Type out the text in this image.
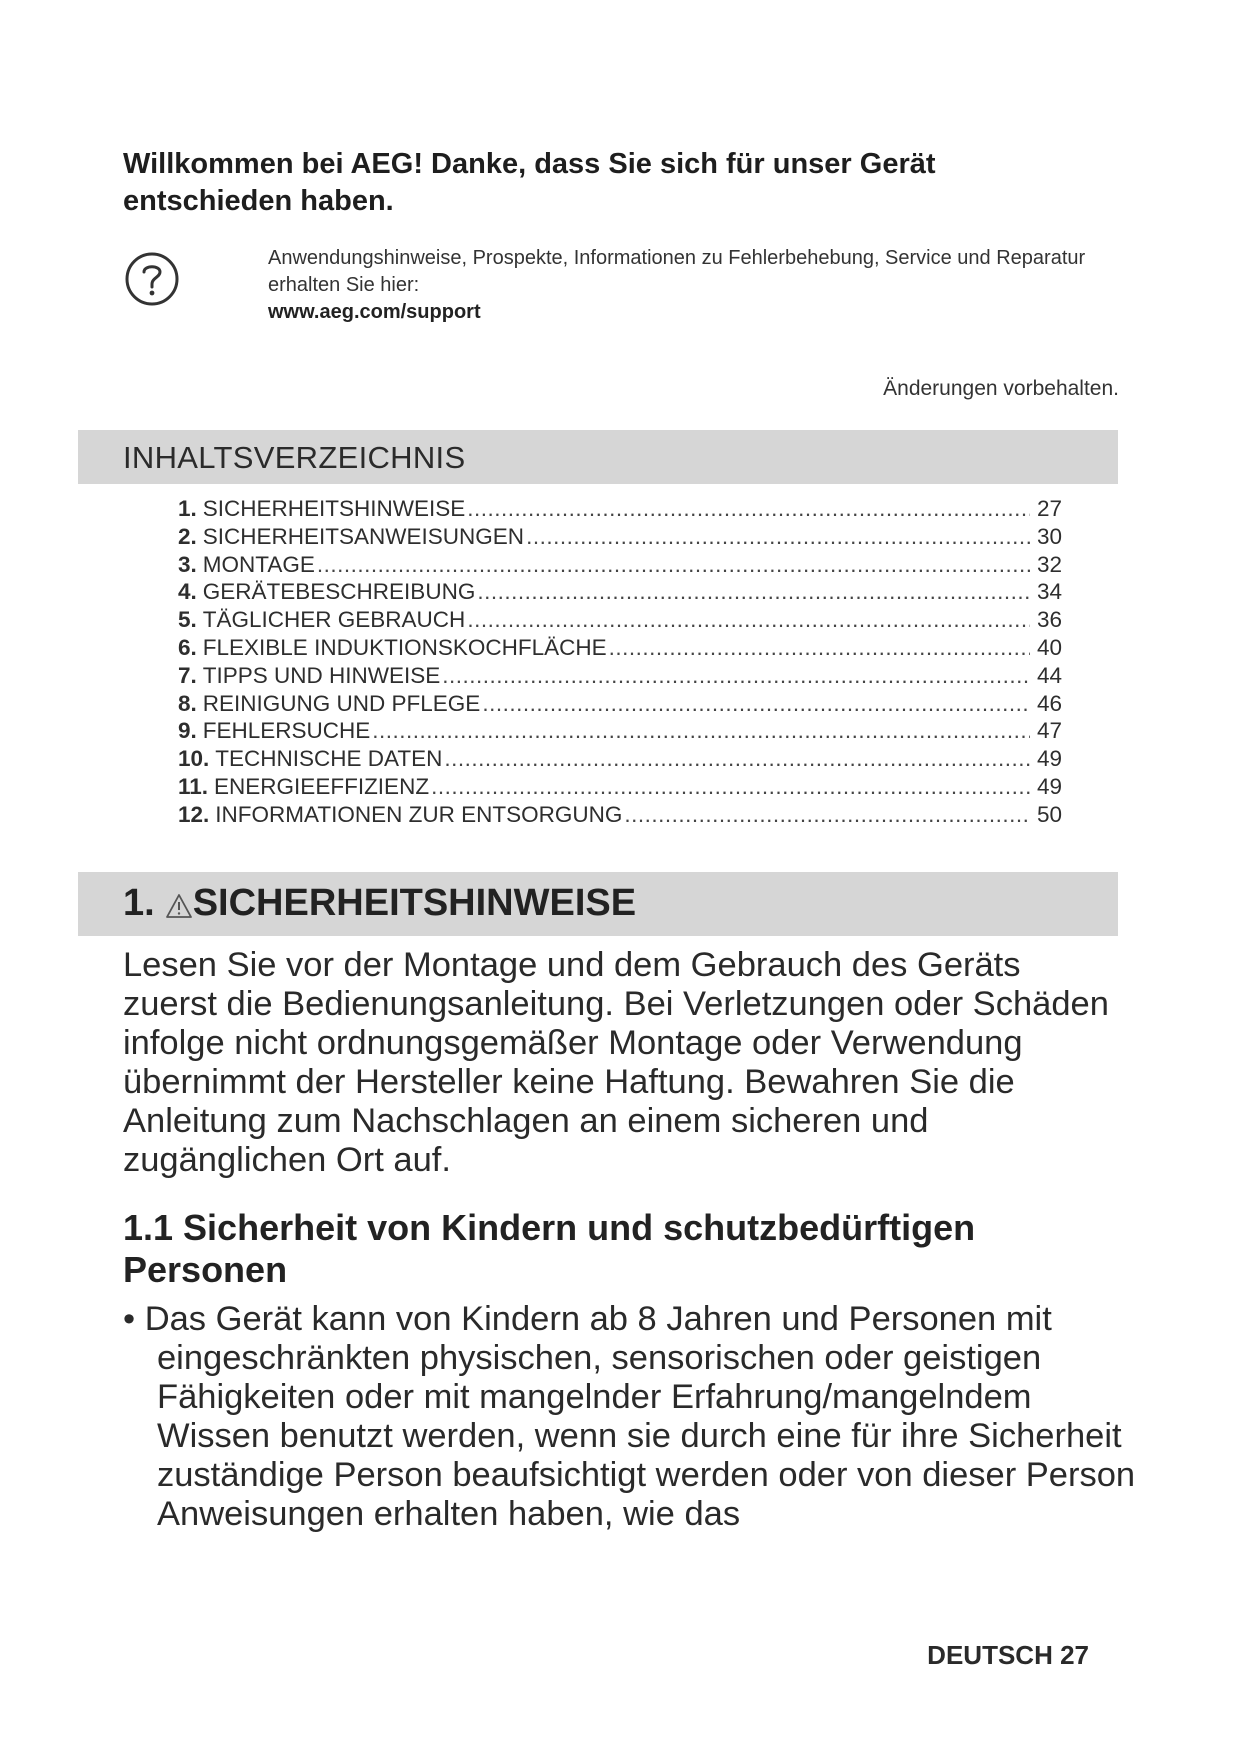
Willkommen bei AEG! Danke, dass Sie sich für unser Gerät entschieden haben.
Anwendungshinweise, Prospekte, Informationen zu Fehlerbehebung, Service und Reparatur erhalten Sie hier:
www.aeg.com/support
Änderungen vorbehalten.
INHALTSVERZEICHNIS
1. SICHERHEITSHINWEISE .....	27
2. SICHERHEITSANWEISUNGEN .....	30
3. MONTAGE .....	32
4. GERÄTEBESCHREIBUNG .....	34
5. TÄGLICHER GEBRAUCH .....	36
6. FLEXIBLE INDUKTIONSKOCHFLÄCHE .....	40
7. TIPPS UND HINWEISE .....	44
8. REINIGUNG UND PFLEGE .....	46
9. FEHLERSUCHE .....	47
10. TECHNISCHE DATEN .....	49
11. ENERGIEEFFIZIENZ .....	49
12. INFORMATIONEN ZUR ENTSORGUNG .....	50
1. SICHERHEITSHINWEISE

Lesen Sie vor der Montage und dem Gebrauch des Geräts zuerst die Bedienungsanleitung. Bei Verletzungen oder Schäden infolge nicht ordnungsgemäßer Montage oder Verwendung übernimmt der Hersteller keine Haftung. Bewahren Sie die Anleitung zum Nachschlagen an einem sicheren und zugänglichen Ort auf.

1.1 Sicherheit von Kindern und schutzbedürftigen Personen

• Das Gerät kann von Kindern ab 8 Jahren und Personen mit eingeschränkten physischen, sensorischen oder geistigen Fähigkeiten oder mit mangelnder Erfahrung/mangelndem Wissen benutzt werden, wenn sie durch eine für ihre Sicherheit zuständige Person beaufsichtigt werden oder von dieser Person Anweisungen erhalten haben, wie das

DEUTSCH 27
